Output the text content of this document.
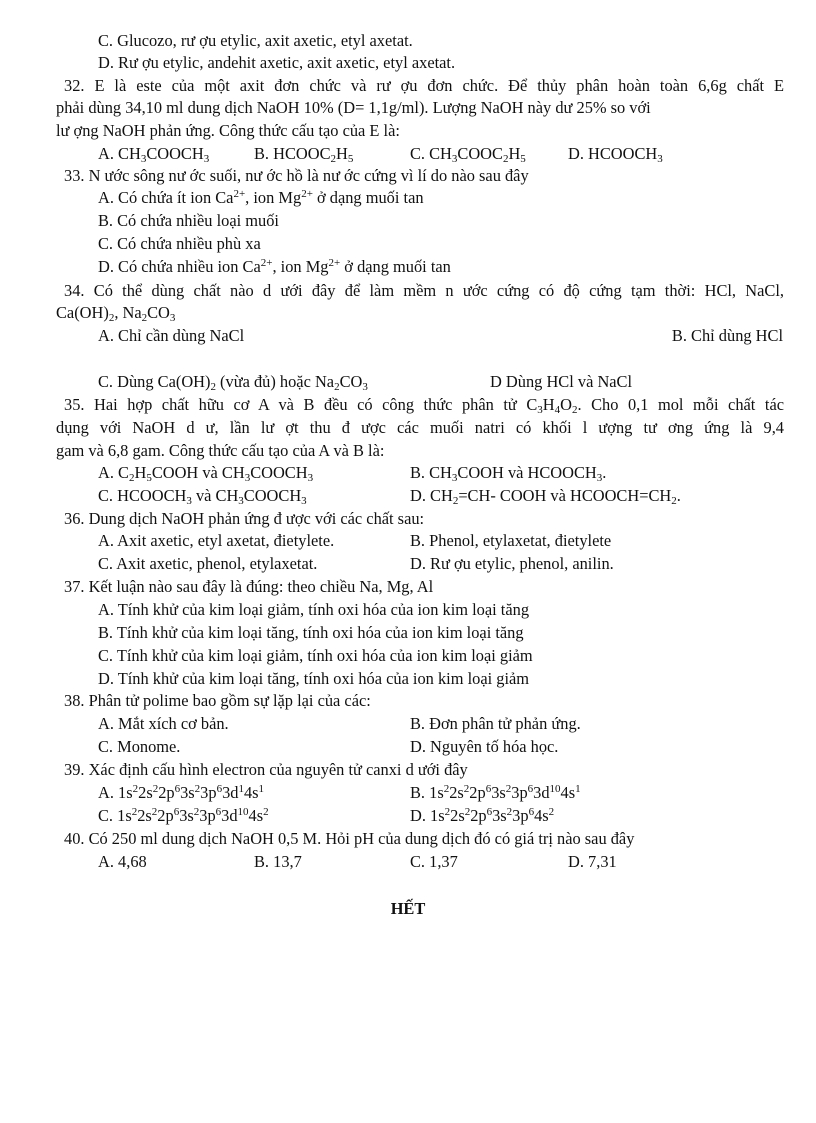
C. Glucozo, rư ợu etylic, axit axetic, etyl axetat.
D. Rư ợu etylic, andehit axetic, axit axetic, etyl axetat.
32. E là este của một axit đơn chức và rư ợu đơn chức. Để thủy phân hoàn toàn 6,6g chất E
phải dùng 34,10 ml dung dịch NaOH 10% (D= 1,1g/ml). Lượng NaOH này dư 25% so với
lư ợng NaOH phản ứng. Công thức cấu tạo của E là:
A. $CH_3COOCH_3$	B. $HCOOC_2H_5$	C. $CH_3COOC_2H_5$	D. $HCOOCH_3$
33. N ước sông nư ớc suối, nư ớc hồ là nư ớc cứng vì lí do nào sau đây
A. Có chứa ít ion $Ca^{2+}$, ion $Mg^{2+}$ ở dạng muối tan
B. Có chứa nhiều loại muối
C. Có chứa nhiều phù xa
D. Có chứa nhiều ion $Ca^{2+}$, ion $Mg^{2+}$ ở dạng muối tan
34. Có thể dùng chất nào d ưới đây để làm mềm n ước cứng có độ cứng tạm thời: HCl, NaCl,
$Ca(OH)_2$, $Na_2CO_3$
A. Chỉ cần dùng NaCl	B. Chỉ dùng HCl
C. Dùng $Ca(OH)_2$ (vừa đủ) hoặc $Na_2CO_3$	D Dùng HCl và NaCl
35. Hai hợp chất hữu cơ A và B đều có công thức phân tử $C_3H_4O_2$. Cho 0,1 mol mỗi chất tác
dụng với NaOH d ư, lần lư ợt thu đ ược các muối natri có khối l ượng tư ơng ứng là 9,4
gam và 6,8 gam. Công thức cấu tạo của A và B là:
A. $C_2H_5COOH$ và $CH_3COOCH_3$	B. $CH_3COOH$ và $HCOOCH_3$.
C. $HCOOCH_3$ và $CH_3COOCH_3$	D. $CH_2=CH-$ COOH và $HCOOCH=CH_2$.
36. Dung dịch NaOH phản ứng đ ược với các chất sau:
A. Axit axetic, etyl axetat, đietylete.	B. Phenol, etylaxetat, đietylete
C. Axit axetic, phenol, etylaxetat.	D. Rư ợu etylic, phenol, anilin.
37. Kết luận nào sau đây là đúng: theo chiều Na, Mg, Al
A. Tính khử của kim loại giảm, tính oxi hóa của ion kim loại tăng
B. Tính khử của kim loại tăng, tính oxi hóa của ion kim loại tăng
C. Tính khử của kim loại giảm, tính oxi hóa của ion kim loại giảm
D. Tính khử của kim loại tăng, tính oxi hóa của ion kim loại giảm
38. Phân tử polime bao gồm sự lặp lại của các:
A. Mắt xích cơ bản.	B. Đơn phân tử phản ứng.
C. Monome.	D. Nguyên tố hóa học.
39. Xác định cấu hình electron của nguyên tử canxi d ưới đây
A. $1s^22s^22p^63s^23p^63d^14s^1$	B. $1s^22s^22p^63s^23p^63d^{10}4s^1$
C. $1s^22s^22p^63s^23p^63d^{10}4s^2$	D. $1s^22s^22p^63s^23p^64s^2$
40. Có 250 ml dung dịch NaOH 0,5 M. Hỏi pH của dung dịch đó có giá trị nào sau đây
A. 4,68	B. 13,7	C. 1,37	D. 7,31
HẾT
